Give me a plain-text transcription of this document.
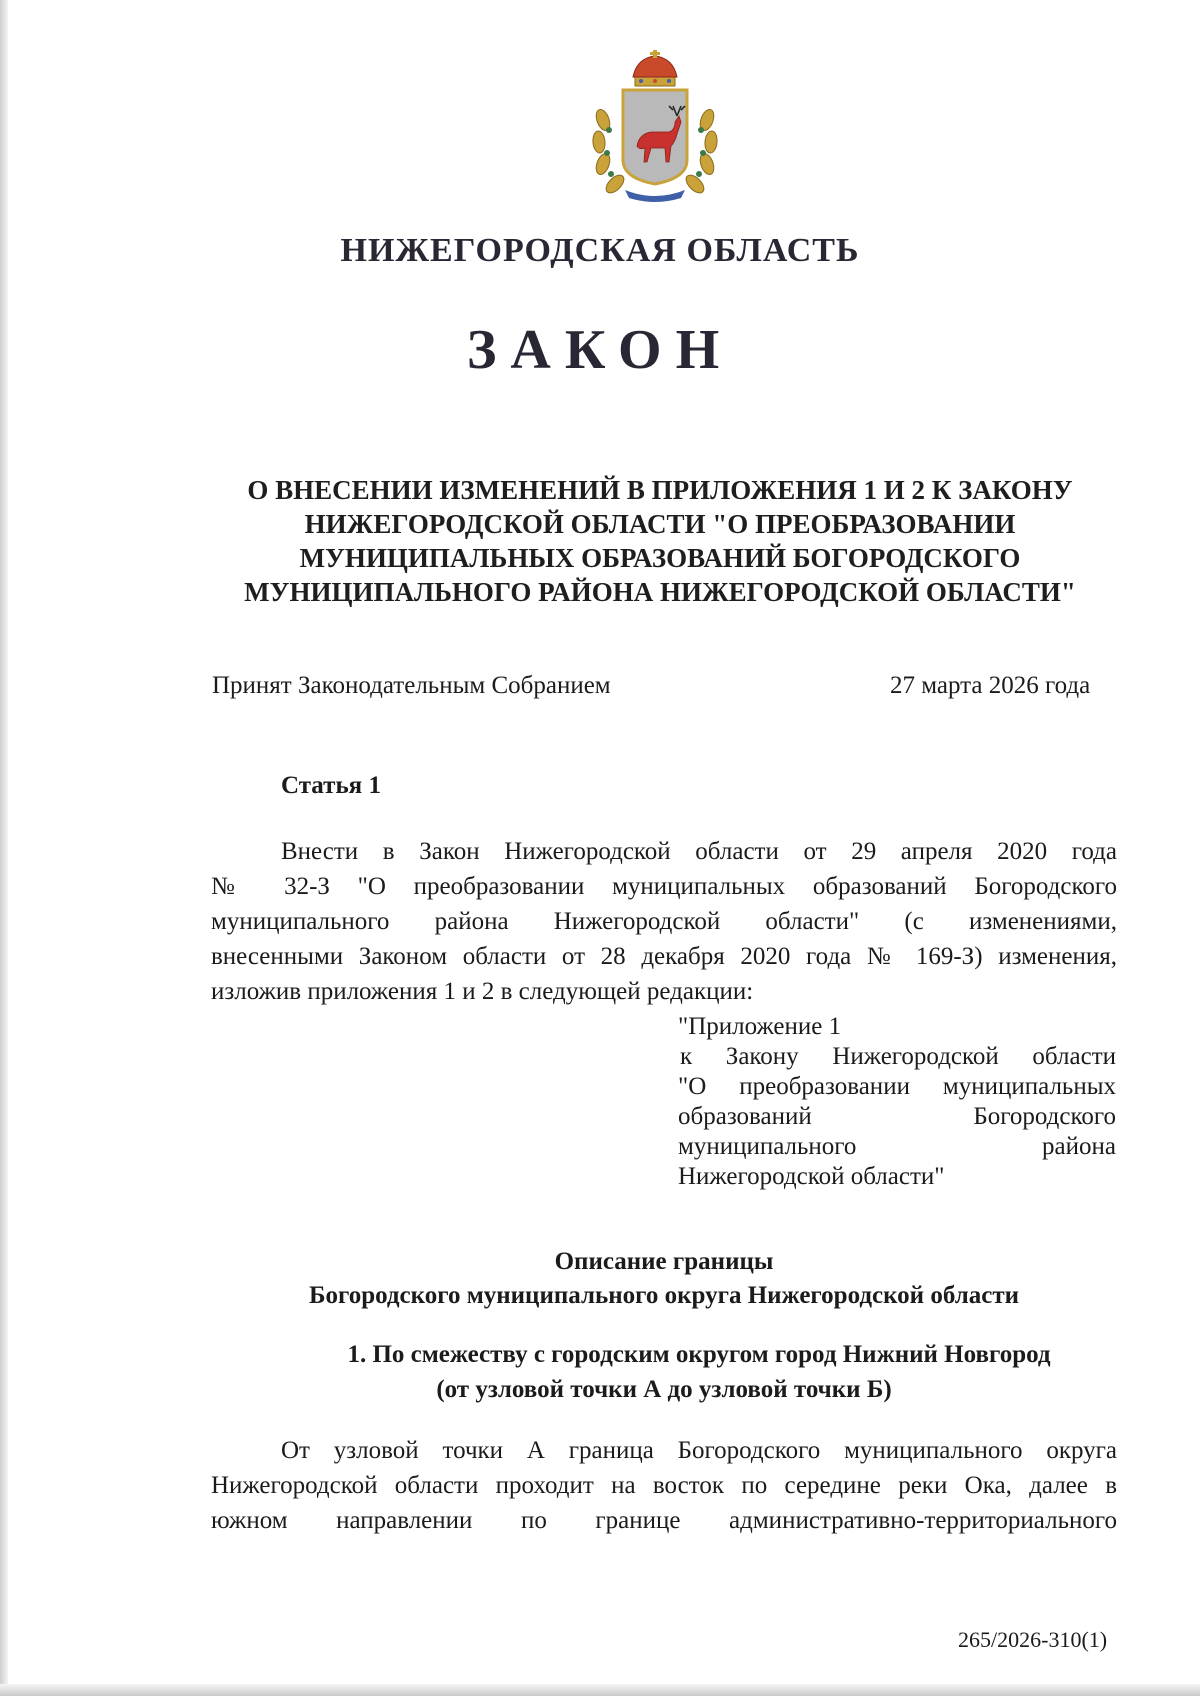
НИЖЕГОРОДСКАЯ ОБЛАСТЬ
ЗАКОН
О ВНЕСЕНИИ ИЗМЕНЕНИЙ В ПРИЛОЖЕНИЯ 1 И 2 К ЗАКОНУ
НИЖЕГОРОДСКОЙ ОБЛАСТИ "О ПРЕОБРАЗОВАНИИ
МУНИЦИПАЛЬНЫХ ОБРАЗОВАНИЙ БОГОРОДСКОГО
МУНИЦИПАЛЬНОГО РАЙОНА НИЖЕГОРОДСКОЙ ОБЛАСТИ"
Принят Законодательным Собранием	27 марта 2026 года
Статья 1
Внести в Закон Нижегородской области от 29 апреля 2020 года
№ 32-З "О преобразовании муниципальных образований Богородского
муниципального района Нижегородской области" (с изменениями,
внесенными Законом области от 28 декабря 2020 года № 169-З) изменения,
изложив приложения 1 и 2 в следующей редакции:
"Приложение 1
к Закону Нижегородской области
"О преобразовании муниципальных
образований Богородского
муниципального района
Нижегородской области"
Описание границы
Богородского муниципального округа Нижегородской области
1. По смежеству с городским округом город Нижний Новгород
(от узловой точки А до узловой точки Б)
От узловой точки А граница Богородского муниципального округа
Нижегородской области проходит на восток по середине реки Ока, далее в
южном направлении по границе административно-территориального
265/2026-310(1)
